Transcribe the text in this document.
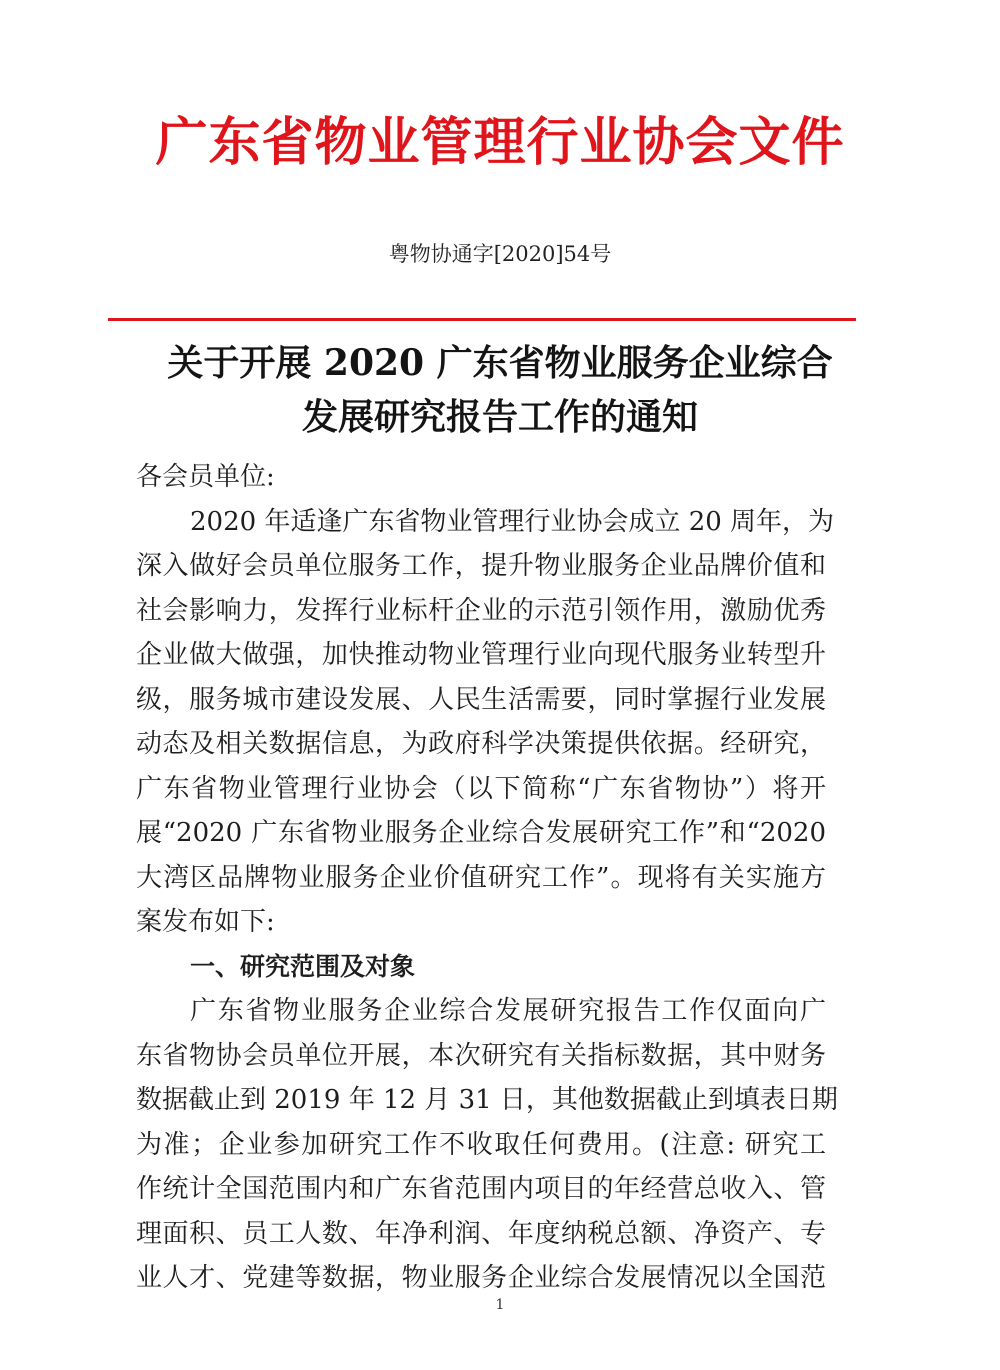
广东省物业管理行业协会文件
粤物协通字[2020]54号
关于开展 2020 广东省物业服务企业综合
发展研究报告工作的通知
各会员单位:
2020 年适逢广东省物业管理行业协会成立 20 周年，为
深入做好会员单位服务工作，提升物业服务企业品牌价值和
社会影响力，发挥行业标杆企业的示范引领作用，激励优秀
企业做大做强，加快推动物业管理行业向现代服务业转型升
级，服务城市建设发展、人民生活需要，同时掌握行业发展
动态及相关数据信息，为政府科学决策提供依据。经研究，
广东省物业管理行业协会（以下简称“广东省物协”）将开
展“2020 广东省物业服务企业综合发展研究工作”和“2020
大湾区品牌物业服务企业价值研究工作”。现将有关实施方
案发布如下:
一、研究范围及对象
广东省物业服务企业综合发展研究报告工作仅面向广
东省物协会员单位开展，本次研究有关指标数据，其中财务
数据截止到 2019 年 12 月 31 日，其他数据截止到填表日期
为准；企业参加研究工作不收取任何费用。(注意: 研究工
作统计全国范围内和广东省范围内项目的年经营总收入、管
理面积、员工人数、年净利润、年度纳税总额、净资产、专
业人才、党建等数据，物业服务企业综合发展情况以全国范
1
